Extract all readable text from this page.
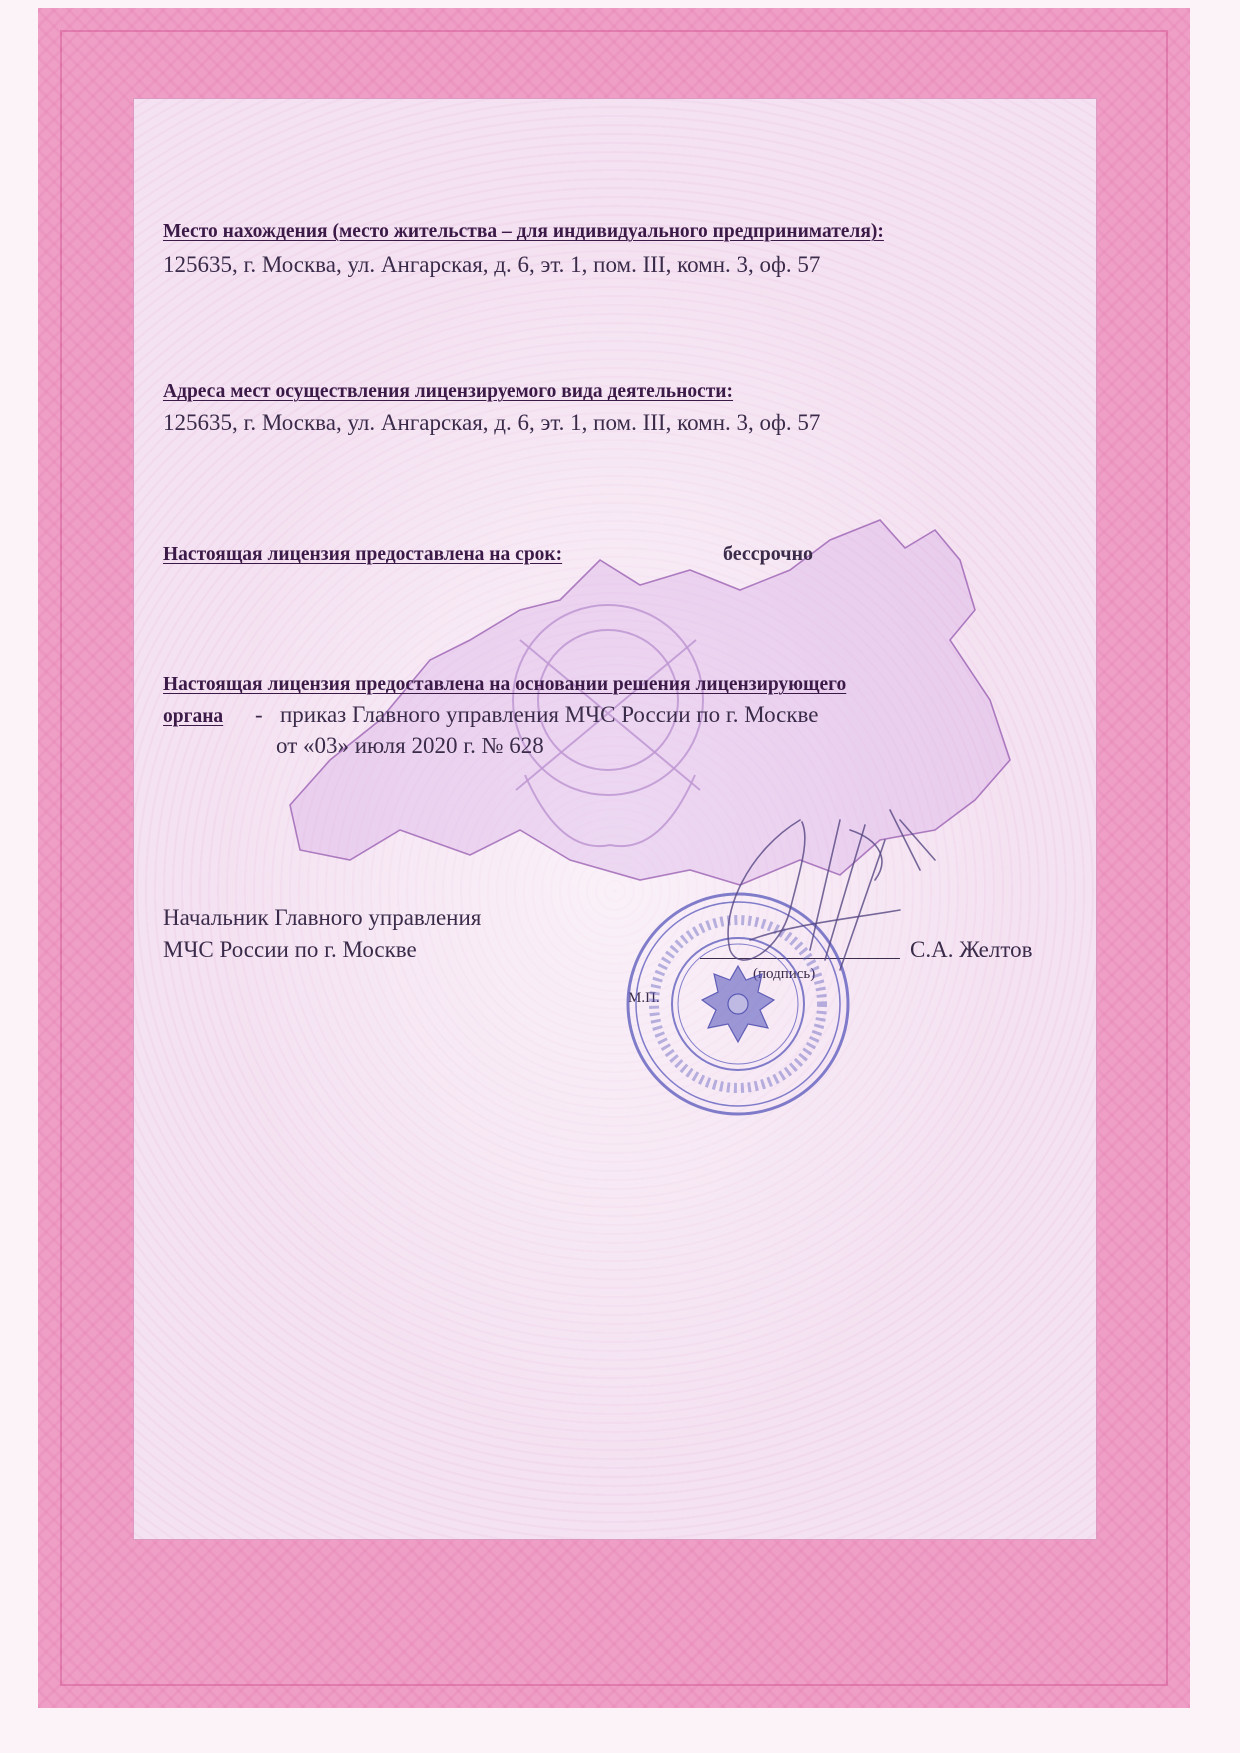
Место нахождения (место жительства – для индивидуального предпринимателя):
125635, г. Москва, ул. Ангарская, д. 6, эт. 1, пом. III, комн. 3, оф. 57
Адреса мест осуществления лицензируемого вида деятельности:
125635, г. Москва, ул. Ангарская, д. 6, эт. 1, пом. III, комн. 3, оф. 57
Настоящая лицензия предоставлена на срок:	бессрочно
Настоящая лицензия предоставлена на основании решения лицензирующего
органа - приказ Главного управления МЧС России по г. Москве
от «03» июля 2020 г. № 628
Начальник Главного управления
МЧС России по г. Москве	С.А. Желтов
(подпись)
М.П.
